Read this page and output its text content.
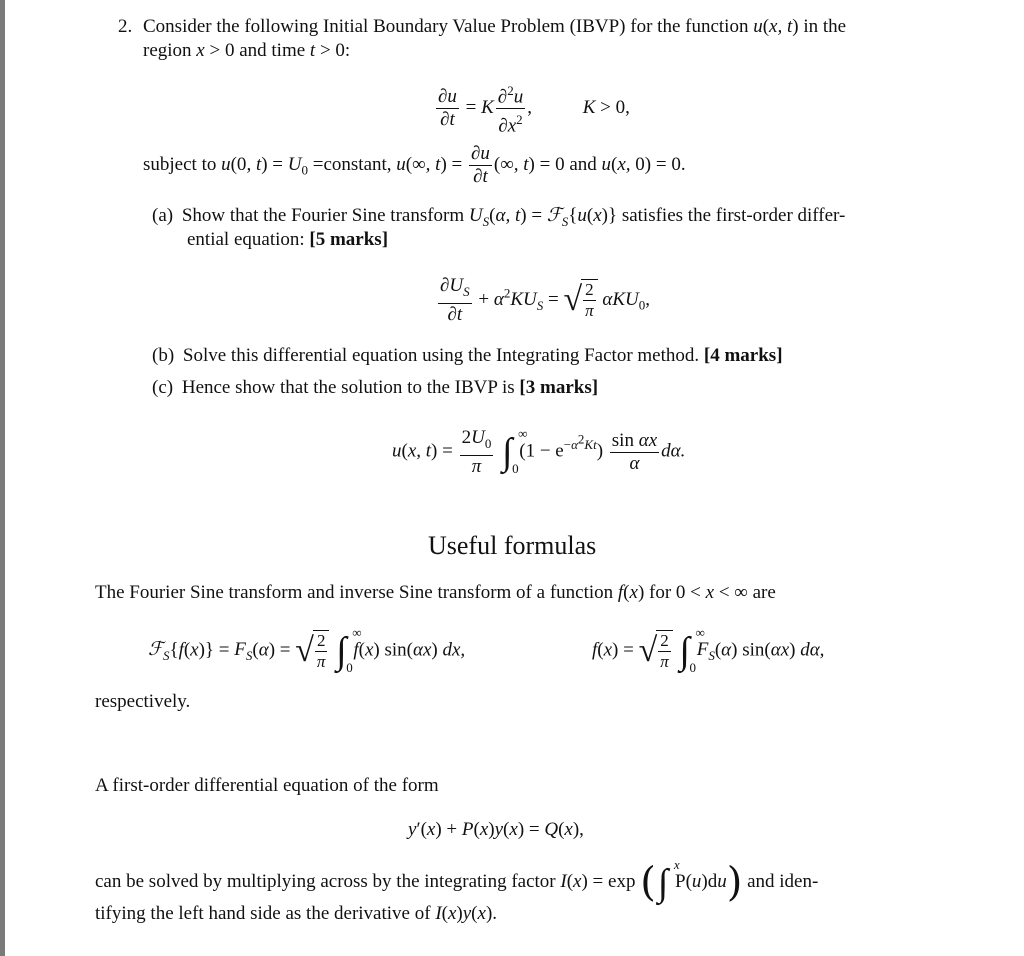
2. Consider the following Initial Boundary Value Problem (IBVP) for the function u(x, t) in the
region x > 0 and time t > 0:
$\frac{\partial u}{\partial t} = K \frac{\partial^2u}{\partial x^2}$ , K > 0,
subject to u(0, $t) = U_0$ =constant, u(∞, $t) = \frac{\partial u}{\partial t}$ (∞, t) = 0 and u(x, 0) = 0.
(a) Show that the Fourier Sine transform $U_S(\alpha$, t) = ℱ$_S${u(x)} satisfies the first-order differ-
ential equation: [5 marks]
$\frac{\partial U_S}{\partial t} + \alpha^2KU_S$ = √ $\frac{2}{\pi} \alpha KU_0$,
(b) Solve this differential equation using the Integrating Factor method. [4 marks]
(c) Hence show that the solution to the IBVP is [3 marks]
u(x, $t) = \frac{2U_0}{\pi}$ ∫ ∞
0
$(1 - e^{-\alpha^2Kt}) \frac{\text{sin αx}}{\alpha} d\alpha$.
Useful formulas
The Fourier Sine transform and inverse Sine transform of a function f(x) for 0 < x < ∞ are
ℱ$_S${f(x)} = $F_S(\alpha)$ = √ $\frac{2}{\pi}$ ∫ ∞
0
f(x) sin(αx) dx,	f(x) = √ $\frac{2}{\pi}$ ∫ ∞
0
$F_S(\alpha)$ sin(αx) dα,
respectively.
A first-order differential equation of the form
y′(x) + P(x)y(x) = Q(x),
can be solved by multiplying across by the integrating factor I(x) = exp (∫ x
P(u)du) and iden-
tifying the left hand side as the derivative of I(x)y(x).
